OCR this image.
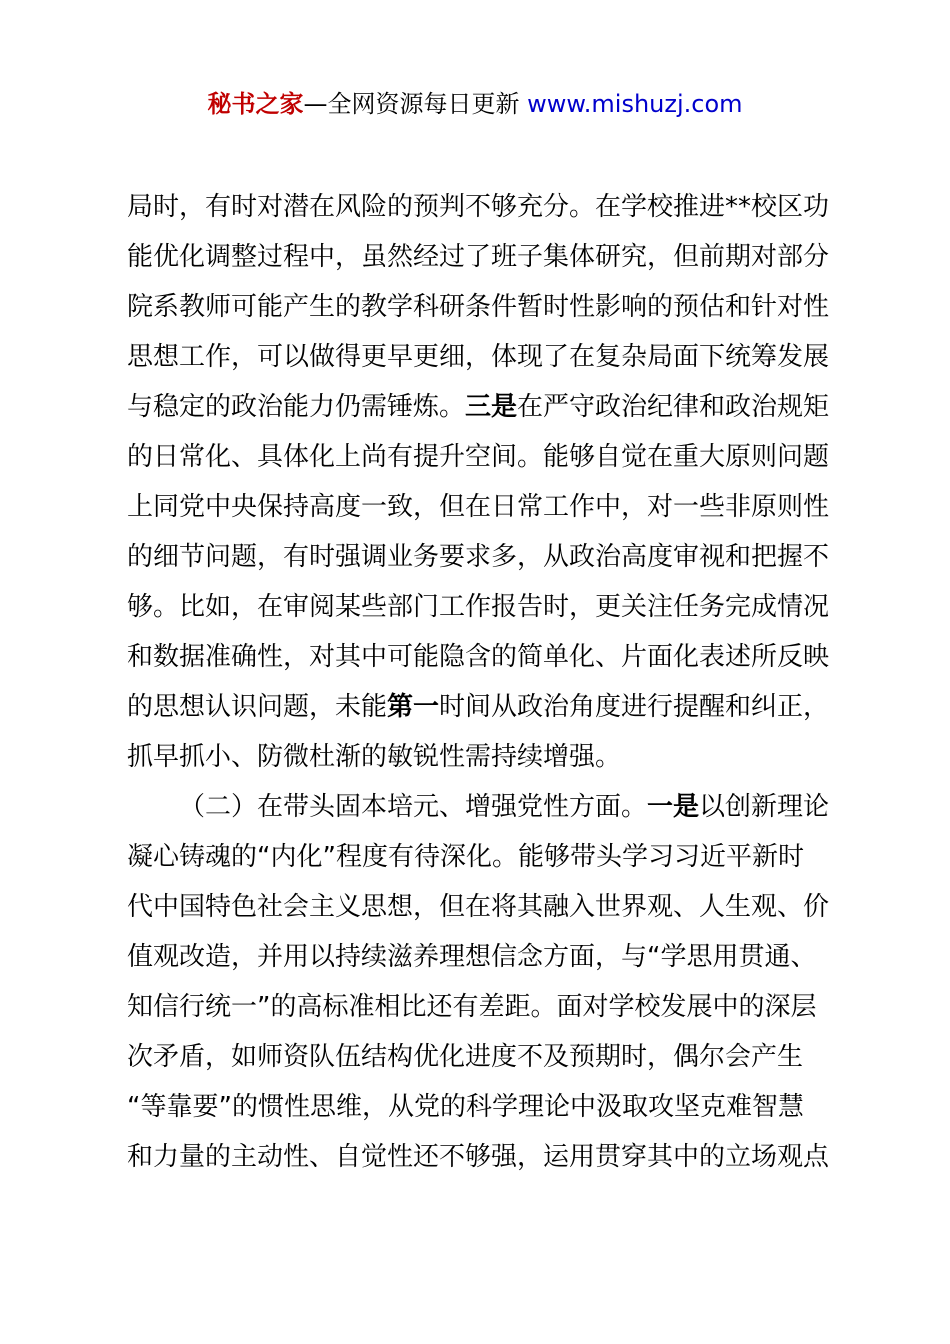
秘书之家—全网资源每日更新 www.mishuzj.com
局时，有时对潜在风险的预判不够充分。在学校推进**校区功
能优化调整过程中，虽然经过了班子集体研究，但前期对部分
院系教师可能产生的教学科研条件暂时性影响的预估和针对性
思想工作，可以做得更早更细，体现了在复杂局面下统筹发展
与稳定的政治能力仍需锤炼。三是在严守政治纪律和政治规矩
的日常化、具体化上尚有提升空间。能够自觉在重大原则问题
上同党中央保持高度一致，但在日常工作中，对一些非原则性
的细节问题，有时强调业务要求多，从政治高度审视和把握不
够。比如，在审阅某些部门工作报告时，更关注任务完成情况
和数据准确性，对其中可能隐含的简单化、片面化表述所反映
的思想认识问题，未能第一时间从政治角度进行提醒和纠正，
抓早抓小、防微杜渐的敏锐性需持续增强。
（二）在带头固本培元、增强党性方面。一是以创新理论
凝心铸魂的“内化”程度有待深化。能够带头学习习近平新时
代中国特色社会主义思想，但在将其融入世界观、人生观、价
值观改造，并用以持续滋养理想信念方面，与“学思用贯通、
知信行统一”的高标准相比还有差距。面对学校发展中的深层
次矛盾，如师资队伍结构优化进度不及预期时，偶尔会产生
“等靠要”的惯性思维，从党的科学理论中汲取攻坚克难智慧
和力量的主动性、自觉性还不够强，运用贯穿其中的立场观点
